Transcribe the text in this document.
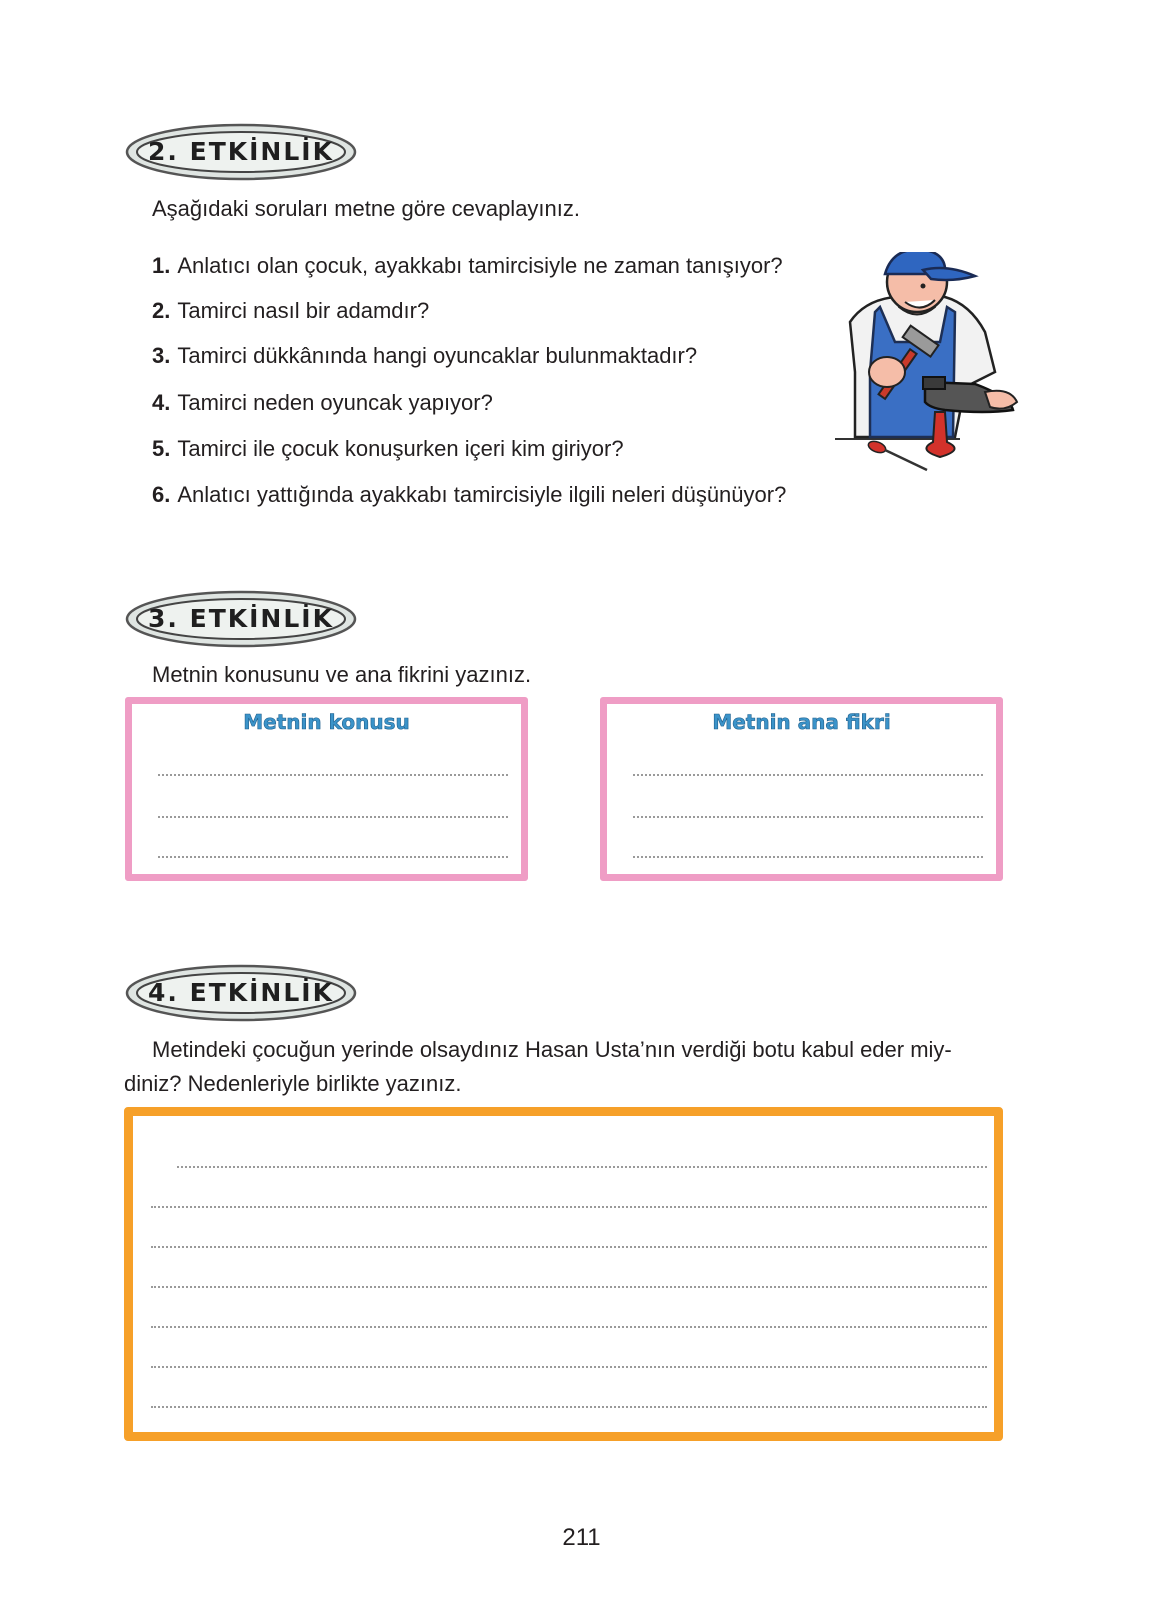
2. ETKİNLİK
Aşağıdaki soruları metne göre cevaplayınız.
1. Anlatıcı olan çocuk, ayakkabı tamircisiyle ne zaman tanışıyor?
2. Tamirci nasıl bir adamdır?
3. Tamirci dükkânında hangi oyuncaklar bulunmaktadır?
4. Tamirci neden oyuncak yapıyor?
5. Tamirci ile çocuk konuşurken içeri kim giriyor?
6. Anlatıcı yattığında ayakkabı tamircisiyle ilgili neleri düşünüyor?
3. ETKİNLİK
Metnin konusunu ve ana fikrini yazınız.
Metnin konusu	Metnin ana fikri
4. ETKİNLİK
Metindeki çocuğun yerinde olsaydınız Hasan Usta’nın verdiği botu kabul eder miy-
diniz? Nedenleriyle birlikte yazınız.
211
